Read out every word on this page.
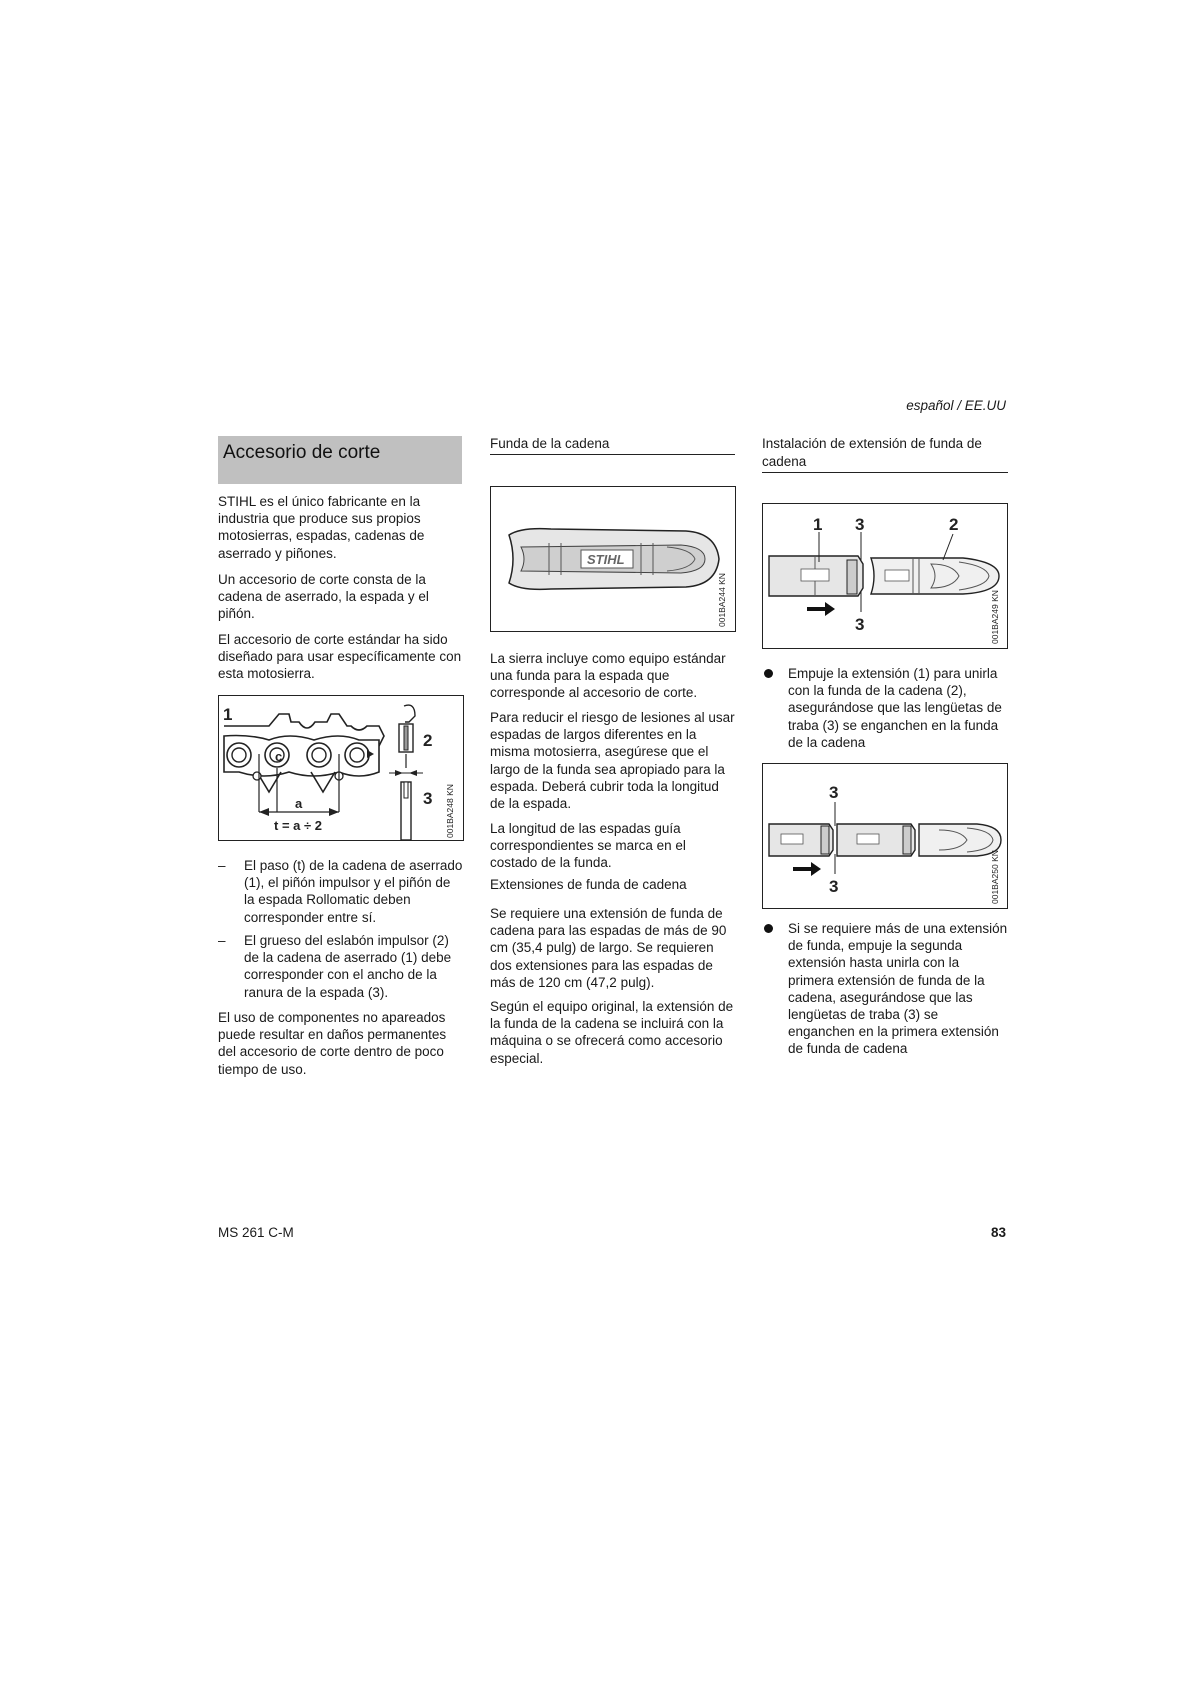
español / EE.UU
Accesorio de corte

STIHL es el único fabricante en la industria que produce sus propios motosierras, espadas, cadenas de aserrado y piñones.

Un accesorio de corte consta de la cadena de aserrado, la espada y el piñón.

El accesorio de corte estándar ha sido diseñado para usar específicamente con esta motosierra.

1
2
3
c
a
t = a ÷ 2	001BA248 KN
– El paso (t) de la cadena de aserrado (1), el piñón impulsor y el piñón de la espada Rollomatic deben corresponder entre sí.
– El grueso del eslabón impulsor (2) de la cadena de aserrado (1) debe corresponder con el ancho de la ranura de la espada (3).

El uso de componentes no apareados puede resultar en daños permanentes del accesorio de corte dentro de poco tiempo de uso.

Funda de la cadena
STIHL
001BA244 KN

La sierra incluye como equipo estándar una funda para la espada que corresponde al accesorio de corte.

Para reducir el riesgo de lesiones al usar espadas de largos diferentes en la misma motosierra, asegúrese que el largo de la funda sea apropiado para la espada. Deberá cubrir toda la longitud de la espada.

La longitud de las espadas guía correspondientes se marca en el costado de la funda.

Extensiones de funda de cadena

Se requiere una extensión de funda de cadena para las espadas de más de 90 cm (35,4 pulg) de largo. Se requieren dos extensiones para las espadas de más de 120 cm (47,2 pulg).

Según el equipo original, la extensión de la funda de la cadena se incluirá con la máquina o se ofrecerá como accesorio especial.

Instalación de extensión de funda de cadena
1 3	2
3	001BA249 KN
Empuje la extensión (1) para unirla con la funda de la cadena (2), asegurándose que las lengüetas de traba (3) se enganchen en la funda de la cadena
3
3	001BA250 KN
Si se requiere más de una extensión de funda, empuje la segunda extensión hasta unirla con la primera extensión de funda de la cadena, asegurándose que las lengüetas de traba (3) se enganchen en la primera extensión de funda de cadena
MS 261 C-M	83
